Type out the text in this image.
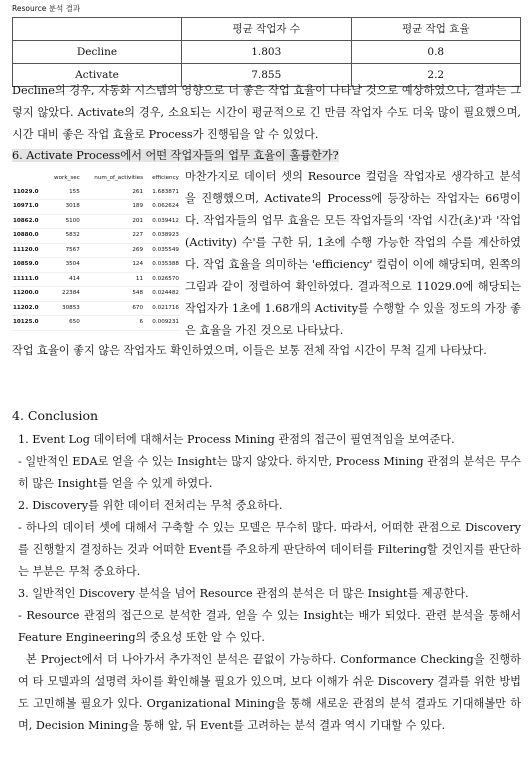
Resource 분석 결과
	평균 작업자 수	평균 작업 효율
Decline	1.803	0.8
Activate	7.855	2.2
Decline의 경우, 자동화 시스템의 영향으로 더 좋은 작업 효율이 나타날 것으로 예상하였으나, 결과는 그렇지 않았다. Activate의 경우, 소요되는 시간이 평균적으로 긴 만큼 작업자 수도 더욱 많이 필요했으며, 시간 대비 좋은 작업 효율로 Process가 진행됨을 알 수 있었다.
6. Activate Process에서 어떤 작업자들의 업무 효율이 훌륭한가?
	work_sec	num_of_activities	efficiency
11029.0	155	261	1.683871
10971.0	3018	189	0.062624
10862.0	5100	201	0.039412
10880.0	5832	227	0.038923
11120.0	7567	269	0.035549
10859.0	3504	124	0.035388
11111.0	414	11	0.026570
11200.0	22384	548	0.024482
11202.0	30853	670	0.021716
10125.0	650	6	0.009231
마찬가지로 데이터 셋의 Resource 컬럼을 작업자로 생각하고 분석을 진행했으며, Activate의 Process에 등장하는 작업자는 66명이다. 작업자들의 업무 효율은 모든 작업자들의 '작업 시간(초)'과 '작업(Activity) 수'를 구한 뒤, 1초에 수행 가능한 작업의 수를 계산하였다. 작업 효율을 의미하는 'efficiency' 컬럼이 이에 해당되며, 왼쪽의 그림과 같이 정렬하여 확인하였다. 결과적으로 11029.0에 해당되는 작업자가 1초에 1.68개의 Activity를 수행할 수 있을 정도의 가장 좋은 효율을 가진 것으로 나타났다.
작업 효율이 좋지 않은 작업자도 확인하였으며, 이들은 보통 전체 작업 시간이 무척 길게 나타났다.
4. Conclusion
1. Event Log 데이터에 대해서는 Process Mining 관점의 접근이 필연적임을 보여준다.
- 일반적인 EDA로 얻을 수 있는 Insight는 많지 않았다. 하지만, Process Mining 관점의 분석은 무수히 많은 Insight를 얻을 수 있게 하였다.
2. Discovery를 위한 데이터 전처리는 무척 중요하다.
- 하나의 데이터 셋에 대해서 구축할 수 있는 모델은 무수히 많다. 따라서, 어떠한 관점으로 Discovery를 진행할지 결정하는 것과 어떠한 Event를 주요하게 판단하여 데이터를 Filtering할 것인지를 판단하는 부분은 무척 중요하다.
3. 일반적인 Discovery 분석을 넘어 Resource 관점의 분석은 더 많은 Insight를 제공한다.
- Resource 관점의 접근으로 분석한 결과, 얻을 수 있는 Insight는 배가 되었다. 관련 분석을 통해서 Feature Engineering의 중요성 또한 알 수 있다.
본 Project에서 더 나아가서 추가적인 분석은 끝없이 가능하다. Conformance Checking을 진행하여 타 모델과의 설명력 차이를 확인해볼 필요가 있으며, 보다 이해가 쉬운 Discovery 결과를 위한 방법도 고민해볼 필요가 있다. Organizational Mining을 통해 새로운 관점의 분석 결과도 기대해볼만 하며, Decision Mining을 통해 앞, 뒤 Event를 고려하는 분석 결과 역시 기대할 수 있다.
